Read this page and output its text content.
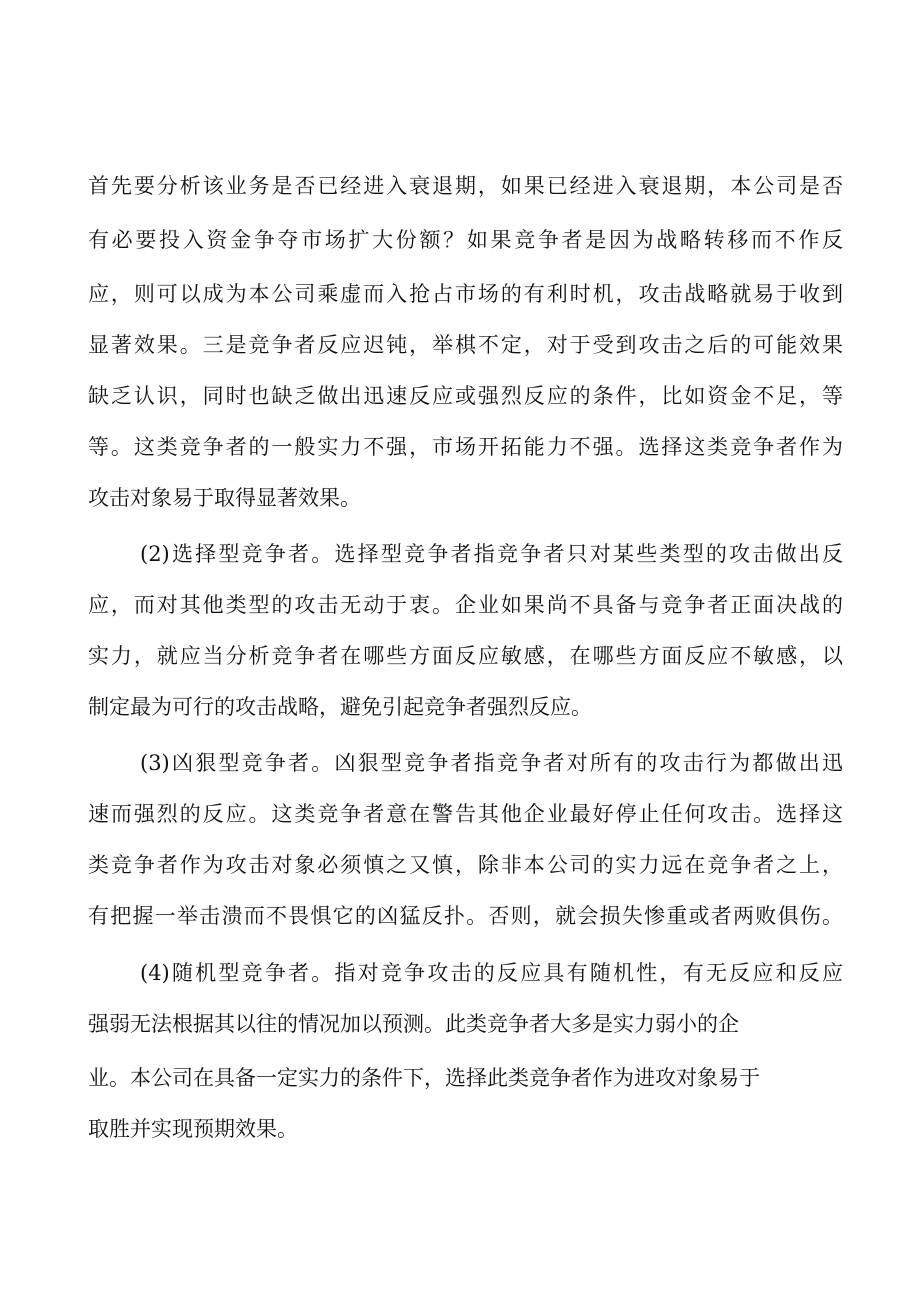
首先要分析该业务是否已经进入衰退期，如果已经进入衰退期，本公司是否
有必要投入资金争夺市场扩大份额？如果竞争者是因为战略转移而不作反
应，则可以成为本公司乘虚而入抢占市场的有利时机，攻击战略就易于收到
显著效果。三是竞争者反应迟钝，举棋不定，对于受到攻击之后的可能效果
缺乏认识，同时也缺乏做出迅速反应或强烈反应的条件，比如资金不足，等
等。这类竞争者的一般实力不强，市场开拓能力不强。选择这类竞争者作为
攻击对象易于取得显著效果。
(2)选择型竞争者。选择型竞争者指竞争者只对某些类型的攻击做出反
应，而对其他类型的攻击无动于衷。企业如果尚不具备与竞争者正面决战的
实力，就应当分析竞争者在哪些方面反应敏感，在哪些方面反应不敏感，以
制定最为可行的攻击战略，避免引起竞争者强烈反应。
(3)凶狠型竞争者。凶狠型竞争者指竞争者对所有的攻击行为都做出迅
速而强烈的反应。这类竞争者意在警告其他企业最好停止任何攻击。选择这
类竞争者作为攻击对象必须慎之又慎，除非本公司的实力远在竞争者之上，
有把握一举击溃而不畏惧它的凶猛反扑。否则，就会损失惨重或者两败俱伤。
(4)随机型竞争者。指对竞争攻击的反应具有随机性，有无反应和反应
强弱无法根据其以往的情况加以预测。此类竞争者大多是实力弱小的企
业。本公司在具备一定实力的条件下，选择此类竞争者作为进攻对象易于
取胜并实现预期效果。
